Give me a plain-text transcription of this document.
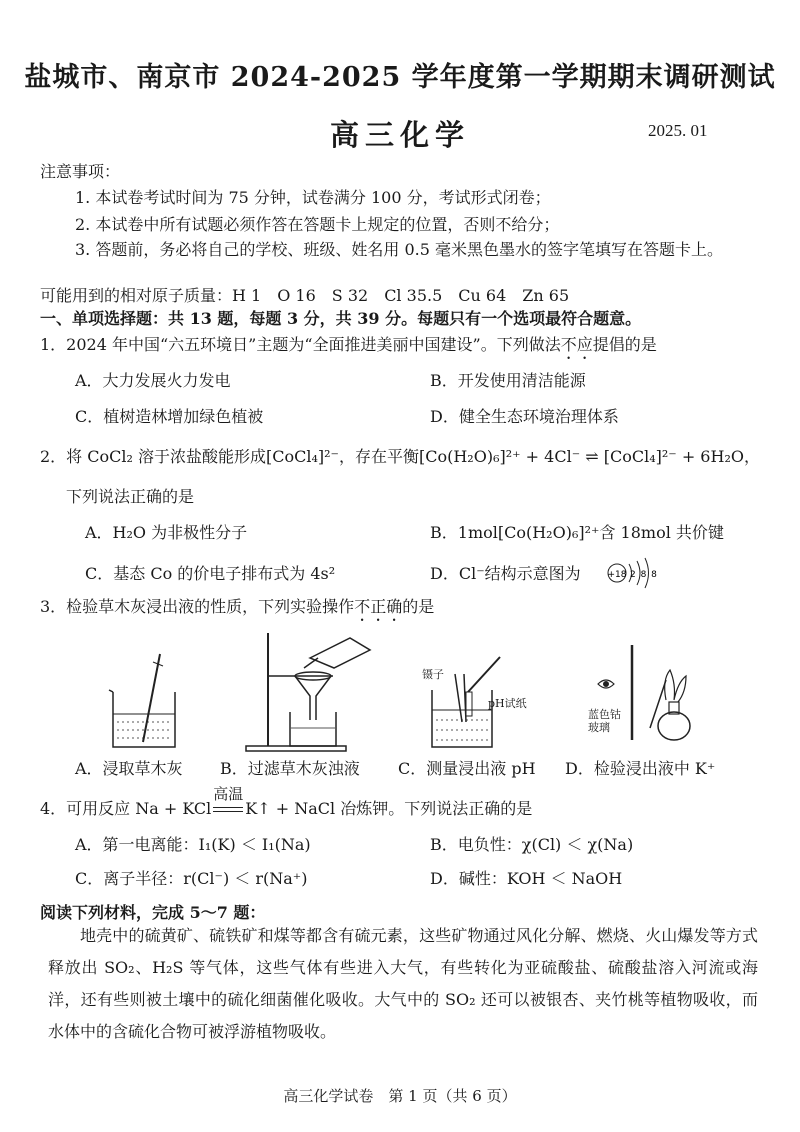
盐城市、南京市 2024-2025 学年度第一学期期末调研测试
高三化学	2025. 01
注意事项：
1. 本试卷考试时间为 75 分钟，试卷满分 100 分，考试形式闭卷；
2. 本试卷中所有试题必须作答在答题卡上规定的位置，否则不给分；
3. 答题前，务必将自己的学校、班级、姓名用 0.5 毫米黑色墨水的签字笔填写在答题卡上。
可能用到的相对原子质量：H 1　O 16　S 32　Cl 35.5　Cu 64　Zn 65
一、单项选择题：共 13 题，每题 3 分，共 39 分。每题只有一个选项最符合题意。
1．2024 年中国“六五环境日”主题为“全面推进美丽中国建设”。下列做法不应提倡的是
A．大力发展火力发电	B．开发使用清洁能源
C．植树造林增加绿色植被	D．健全生态环境治理体系
2．将 CoCl₂ 溶于浓盐酸能形成[CoCl₄]²⁻，存在平衡[Co(H₂O)₆]²⁺ + 4Cl⁻ ⇌ [CoCl₄]²⁻ + 6H₂O，
下列说法正确的是
A．H₂O 为非极性分子	B．1mol[Co(H₂O)₆]²⁺含 18mol 共价键
C．基态 Co 的价电子排布式为 4s²	D．Cl⁻结构示意图为	+18 2 8 8
3．检验草木灰浸出液的性质，下列实验操作不正确的是
镊子
pH试纸
蓝色钴
玻璃
A．浸取草木灰 B．过滤草木灰浊液 C．测量浸出液 pH D．检验浸出液中 K⁺
4．可用反应 Na + KCl
高温
K↑ + NaCl 冶炼钾。下列说法正确的是
A．第一电离能：I₁(K) ＜ I₁(Na)	B．电负性：χ(Cl) ＜ χ(Na)
C．离子半径：r(Cl⁻) ＜ r(Na⁺)	D．碱性：KOH ＜ NaOH
阅读下列材料，完成 5～7 题：
地壳中的硫黄矿、硫铁矿和煤等都含有硫元素，这些矿物通过风化分解、燃烧、火山爆发等方式释放出 SO₂、H₂S 等气体，这些气体有些进入大气，有些转化为亚硫酸盐、硫酸盐溶入河流或海洋，还有些则被土壤中的硫化细菌催化吸收。大气中的 SO₂ 还可以被银杏、夹竹桃等植物吸收，而水体中的含硫化合物可被浮游植物吸收。
高三化学试卷　第 1 页（共 6 页）
